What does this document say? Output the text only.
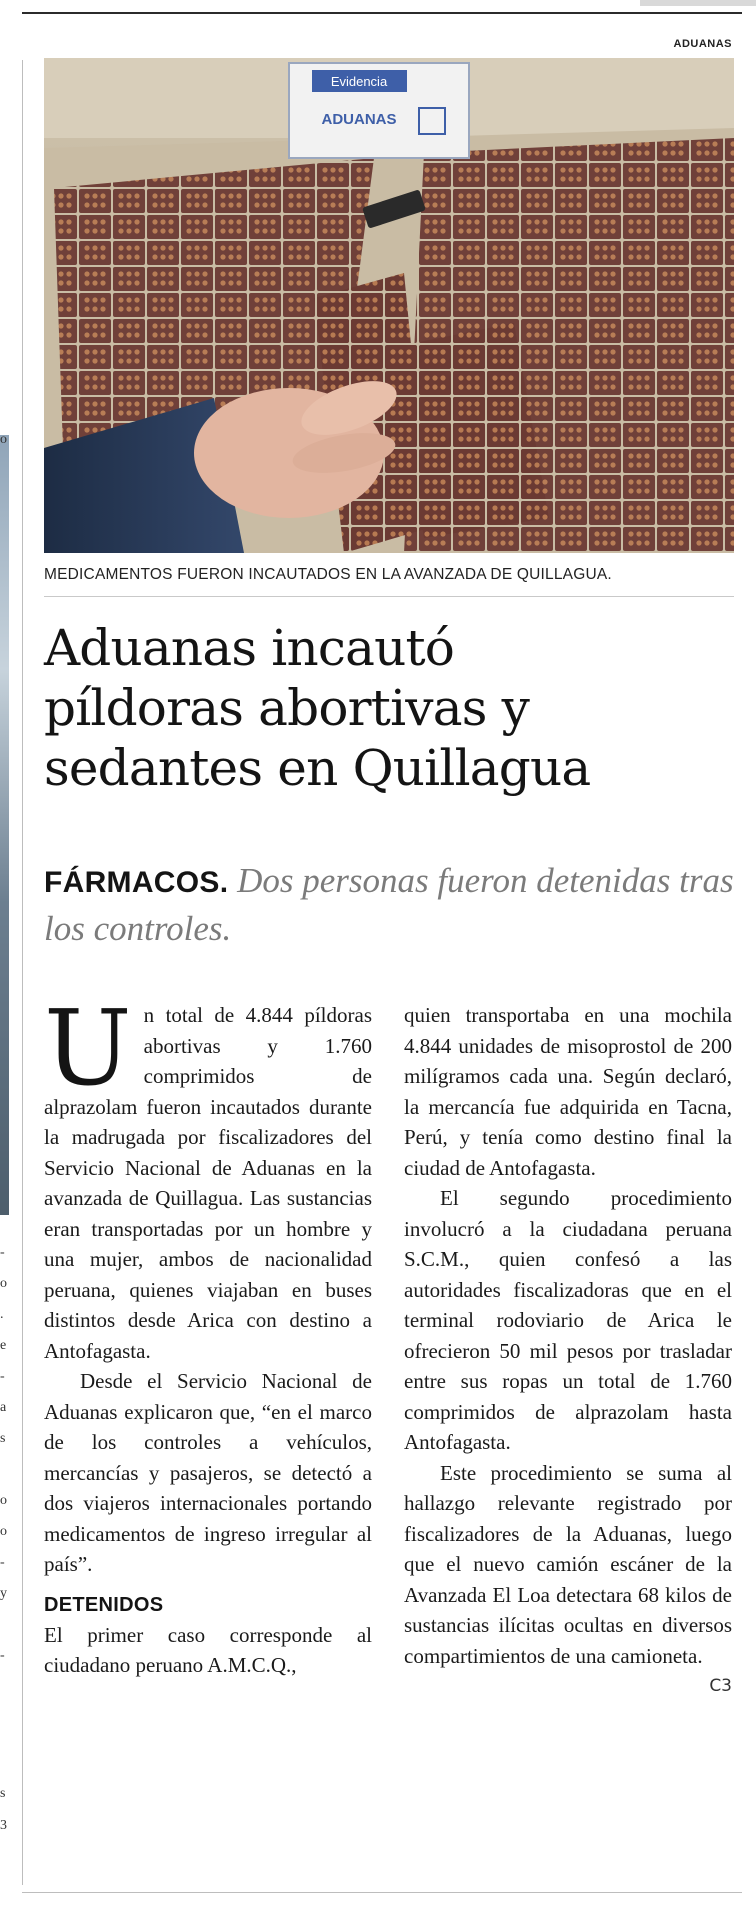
ADUANAS
o
-
o
.
e
-
a
s
o
o
-
y
-
s
3
Evidencia
ADUANAS
MEDICAMENTOS FUERON INCAUTADOS EN LA AVANZADA DE QUILLAGUA.
Aduanas incautó
píldoras abortivas y
sedantes en Quillagua
FÁRMACOS. Dos personas fueron detenidas tras los controles.

Un total de 4.844 píldoras abortivas y 1.760 comprimidos de alprazolam fueron incautados durante la madrugada por fiscalizadores del Servicio Nacional de Aduanas en la avanzada de Quillagua. Las sustancias eran transportadas por un hombre y una mujer, ambos de nacionalidad peruana, quienes viajaban en buses distintos desde Arica con destino a Antofagasta.

Desde el Servicio Nacional de Aduanas explicaron que, “en el marco de los controles a vehículos, mercancías y pasajeros, se detectó a dos viajeros internacionales portando medicamentos de ingreso irregular al país”.

DETENIDOS

El primer caso corresponde al ciudadano peruano A.M.C.Q.,

quien transportaba en una mochila 4.844 unidades de misoprostol de 200 milígramos cada una. Según declaró, la mercancía fue adquirida en Tacna, Perú, y tenía como destino final la ciudad de Antofagasta.

El segundo procedimiento involucró a la ciudadana peruana S.C.M., quien confesó a las autoridades fiscalizadoras que en el terminal rodoviario de Arica le ofrecieron 50 mil pesos por trasladar entre sus ropas un total de 1.760 comprimidos de alprazolam hasta Antofagasta.

Este procedimiento se suma al hallazgo relevante registrado por fiscalizadores de la Aduanas, luego que el nuevo camión escáner de la Avanzada El Loa detectara 68 kilos de sustancias ilícitas ocultas en diversos compartimientos de una camioneta.
C3
